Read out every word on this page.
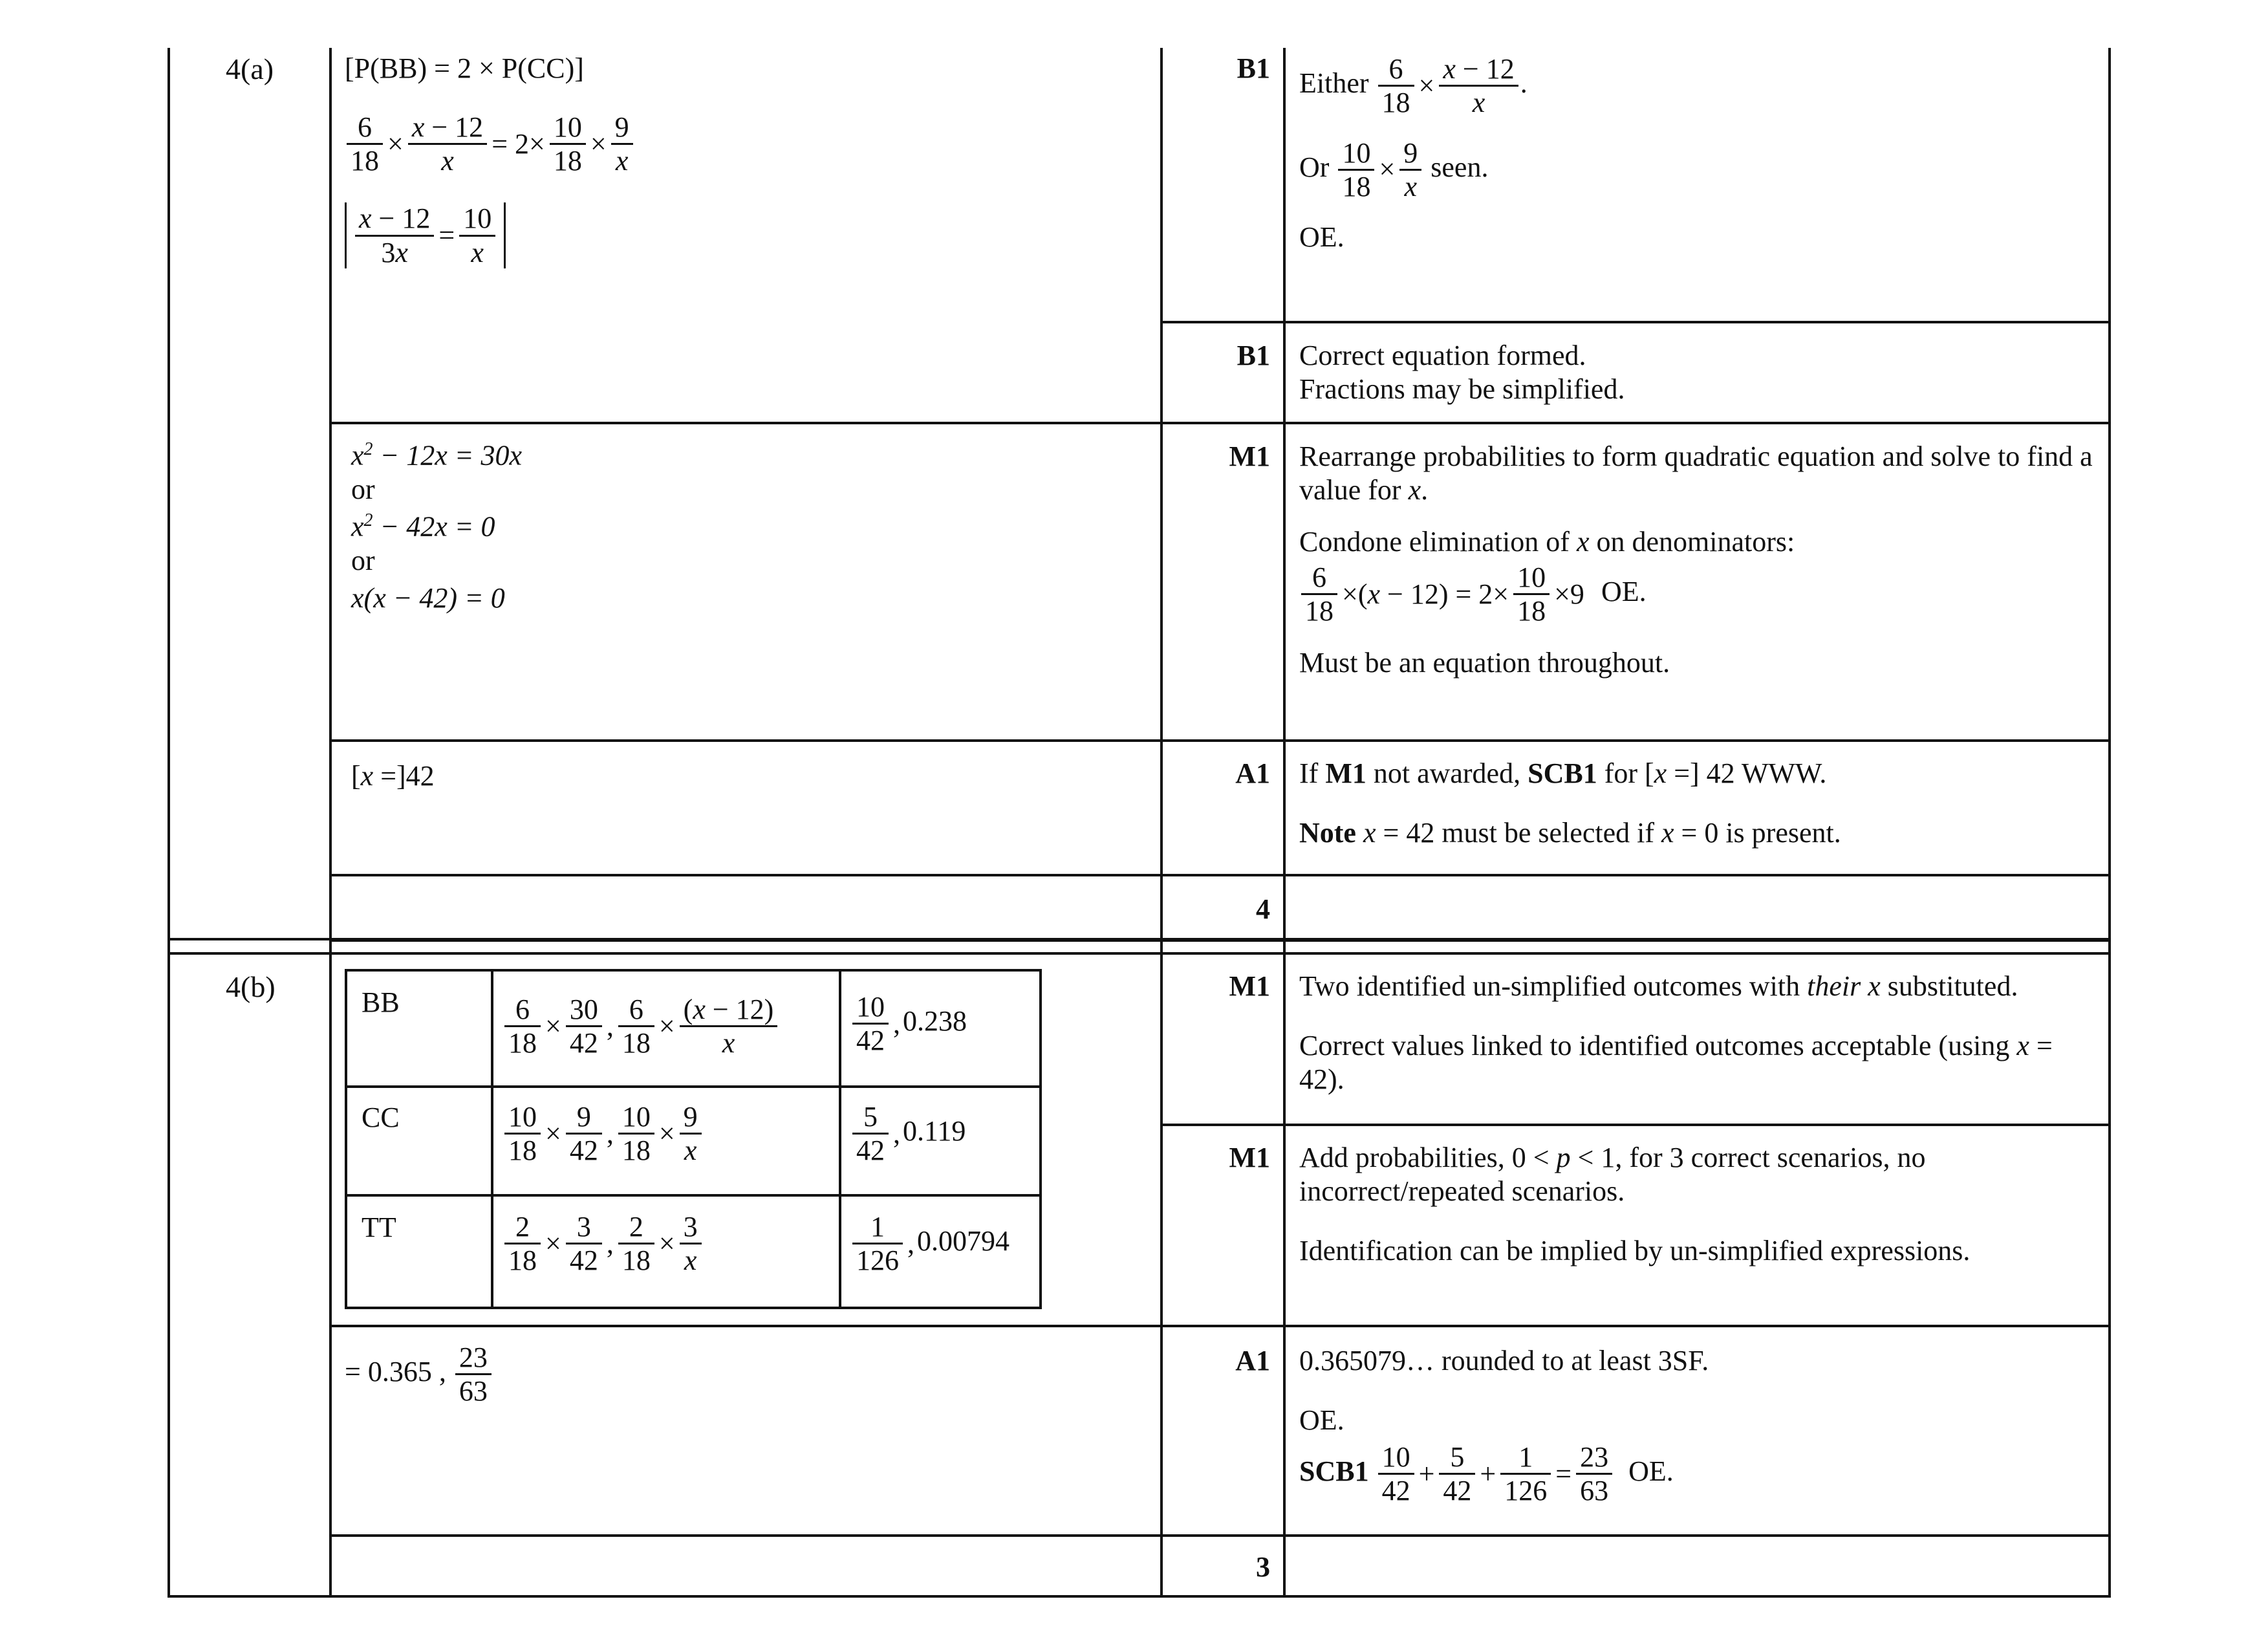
4(a) [P(BB) = 2 × P(CC)]
$\frac{6}{18} \times \frac{x - 12}{x} = 2\times \frac{10}{18} \times \frac{9}{x}$
$\frac{x - 12}{3x} = \frac{10}{x}$
B1 Either $\frac{6}{18} \times \frac{x - 12}{x}$ .
Or $\frac{10}{18} \times \frac{9}{x}$ seen.
OE.
B1 Correct equation formed.
Fractions may be simplified.
$x^2 - 12x = 30x$
or
$x^2 - 42x = 0$
or
x(x − 42) = 0
M1 Rearrange probabilities to form quadratic equation and solve to find a value for x.
Condone elimination of x on denominators:
$\frac{6}{18} \times(x - 12) = 2\times \frac{10}{18} \times 9$ OE.
Must be an equation throughout.
[x =]42	A1 If M1 not awarded, SCB1 for [x =] 42 WWW.
Note x = 42 must be selected if x = 0 is present.
4
4(b)	BB	$\frac{6}{18} \times \frac{30}{42}$ , $\frac{6}{18} \times \frac{(x - 12)}{x}$	$\frac{10}{42} ,0.238$
CC	$\frac{10}{18} \times \frac{9}{42}$ , $\frac{10}{18} \times \frac{9}{x}$	$\frac{5}{42} ,0.119$
TT	$\frac{2}{18} \times \frac{3}{42}$ , $\frac{2}{18} \times \frac{3}{x}$	$\frac{1}{126} ,0.00794$
M1 Two identified un-simplified outcomes with their x substituted.
Correct values linked to identified outcomes acceptable (using x = 42).
M1 Add probabilities, 0 < p < 1, for 3 correct scenarios, no incorrect/repeated scenarios.
Identification can be implied by un-simplified expressions.
= 0.365 , $\frac{23}{63}$	A1 0.365079… rounded to at least 3SF.
OE.
$SCB1 \frac{10}{42} + \frac{5}{42} + \frac{1}{126} = \frac{23}{63}$ OE.
3
